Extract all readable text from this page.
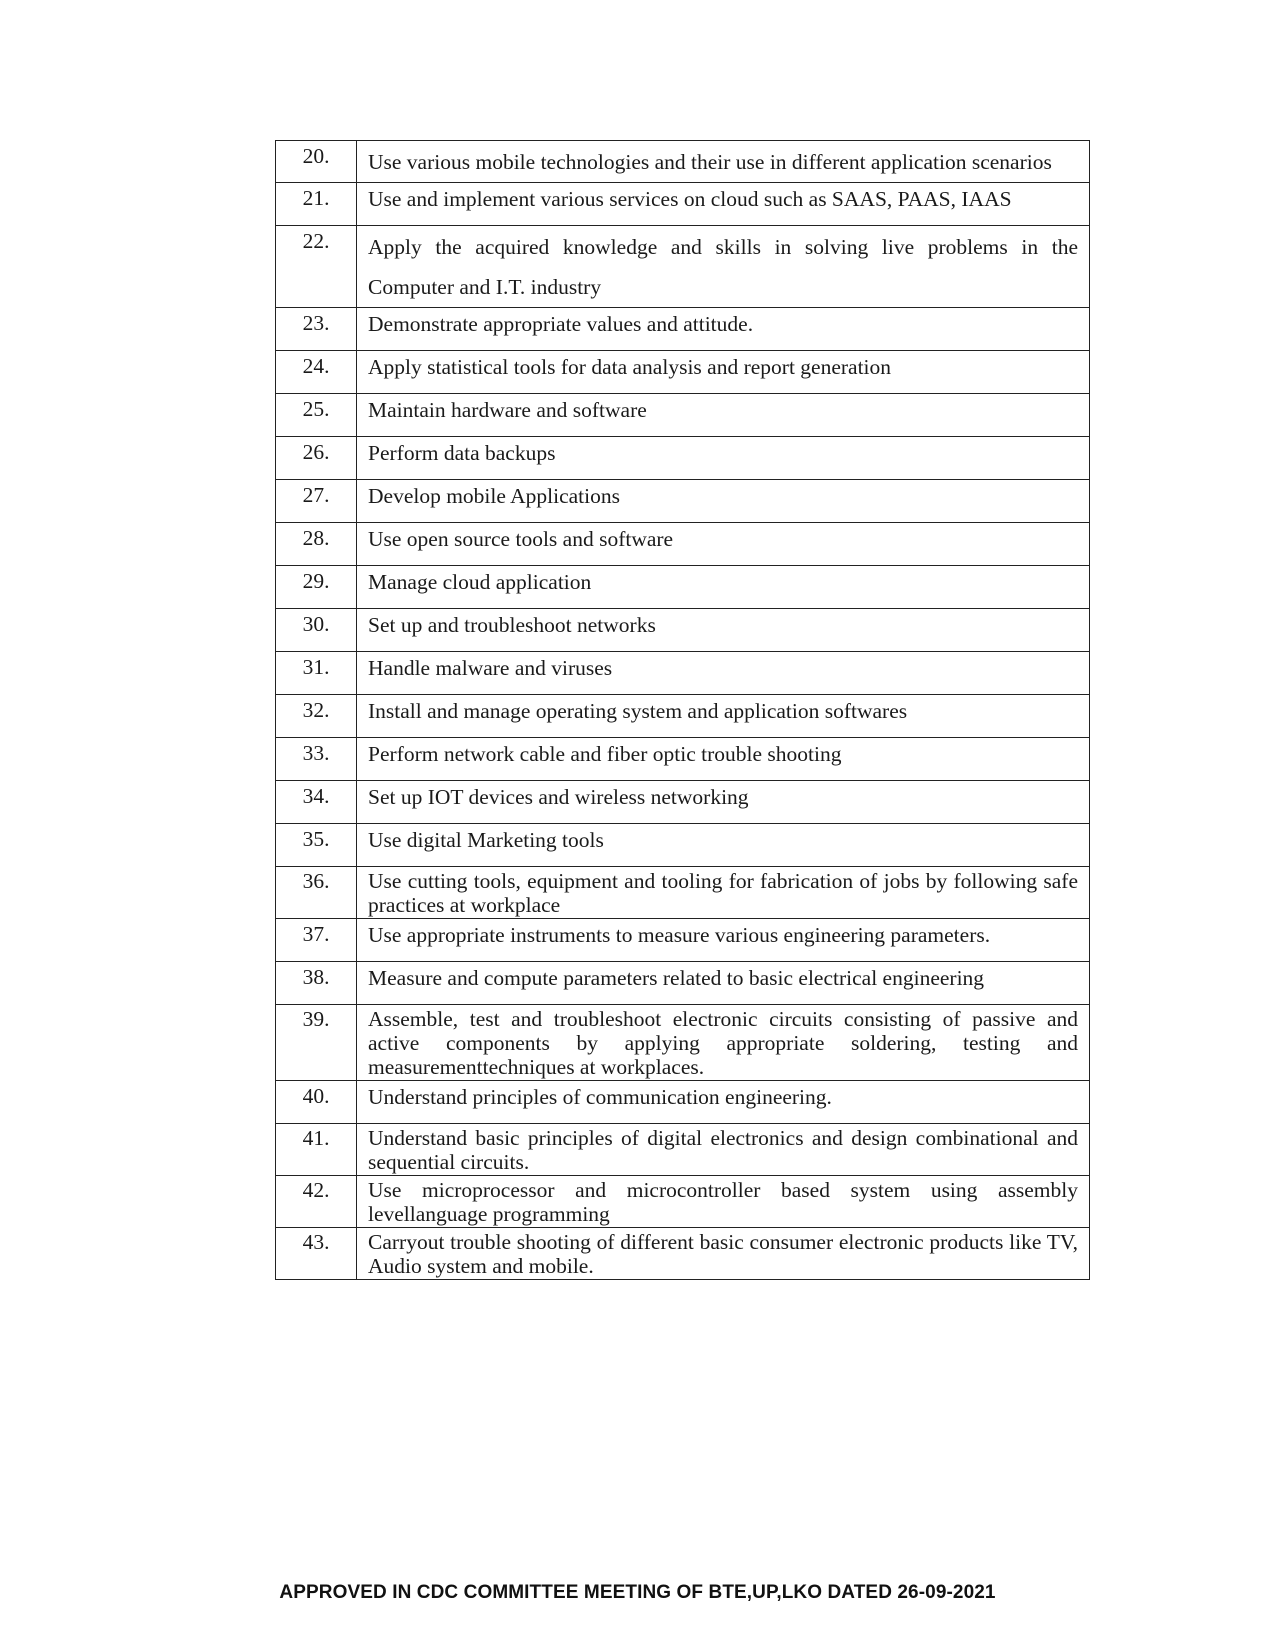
20.	Use various mobile technologies and their use in different application scenarios
21.	Use and implement various services on cloud such as SAAS, PAAS, IAAS
22.	Apply the acquired knowledge and skills in solving live problems in the Computer and I.T. industry
23.	Demonstrate appropriate values and attitude.
24.	Apply statistical tools for data analysis and report generation
25.	Maintain hardware and software
26.	Perform data backups
27.	Develop mobile Applications
28.	Use open source tools and software
29.	Manage cloud application
30.	Set up and troubleshoot networks
31.	Handle malware and viruses
32.	Install and manage operating system and application softwares
33.	Perform network cable and fiber optic trouble shooting
34.	Set up IOT devices and wireless networking
35.	Use digital Marketing tools
36.	Use cutting tools, equipment and tooling for fabrication of jobs by following safe practices at workplace
37.	Use appropriate instruments to measure various engineering parameters.
38.	Measure and compute parameters related to basic electrical engineering
39.	Assemble, test and troubleshoot electronic circuits consisting of passive and active components by applying appropriate soldering, testing and measurementtechniques at workplaces.
40.	Understand principles of communication engineering.
41.	Understand basic principles of digital electronics and design combinational and sequential circuits.
42.	Use microprocessor and microcontroller based system using assembly levellanguage programming
43.	Carryout trouble shooting of different basic consumer electronic products like TV, Audio system and mobile.
APPROVED IN CDC COMMITTEE MEETING OF BTE,UP,LKO DATED 26-09-2021
